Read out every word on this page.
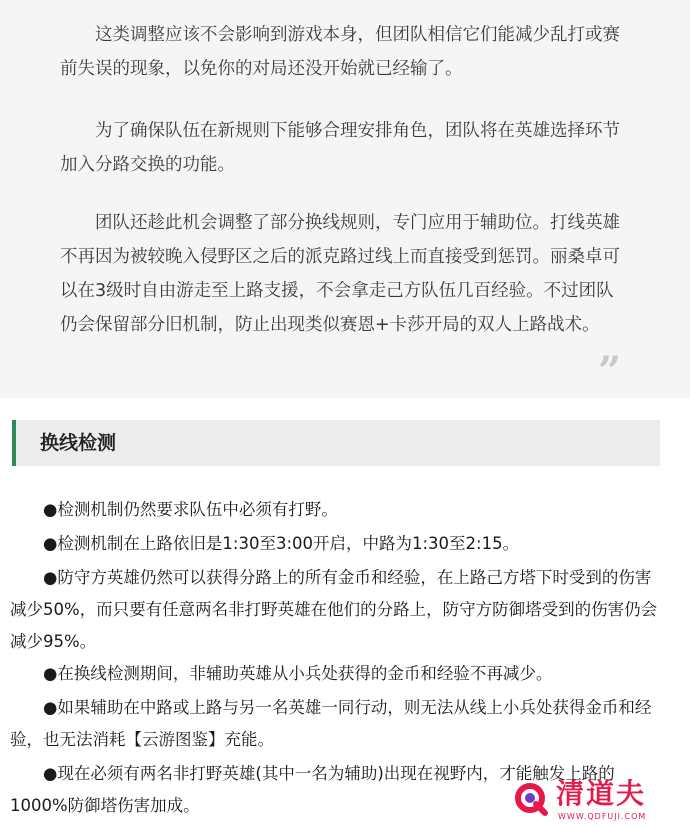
这类调整应该不会影响到游戏本身，但团队相信它们能减少乱打或赛前失误的现象，以免你的对局还没开始就已经输了。

为了确保队伍在新规则下能够合理安排角色，团队将在英雄选择环节加入分路交换的功能。

团队还趁此机会调整了部分换线规则，专门应用于辅助位。打线英雄不再因为被较晚入侵野区之后的派克路过线上而直接受到惩罚。丽桑卓可以在3级时自由游走至上路支援，不会拿走己方队伍几百经验。不过团队仍会保留部分旧机制，防止出现类似赛恩+卡莎开局的双人上路战术。

”
换线检测

●检测机制仍然要求队伍中必须有打野。

●检测机制在上路依旧是1:30至3:00开启，中路为1:30至2:15。

●防守方英雄仍然可以获得分路上的所有金币和经验，在上路己方塔下时受到的伤害减少50%，而只要有任意两名非打野英雄在他们的分路上，防守方防御塔受到的伤害仍会减少95%。

●在换线检测期间，非辅助英雄从小兵处获得的金币和经验不再减少。

●如果辅助在中路或上路与另一名英雄一同行动，则无法从线上小兵处获得金币和经验，也无法消耗【云游图鉴】充能。

●现在必须有两名非打野英雄(其中一名为辅助)出现在视野内，才能触发上路的1000%防御塔伤害加成。	清道夫
WWW.QDFUJI.COM
